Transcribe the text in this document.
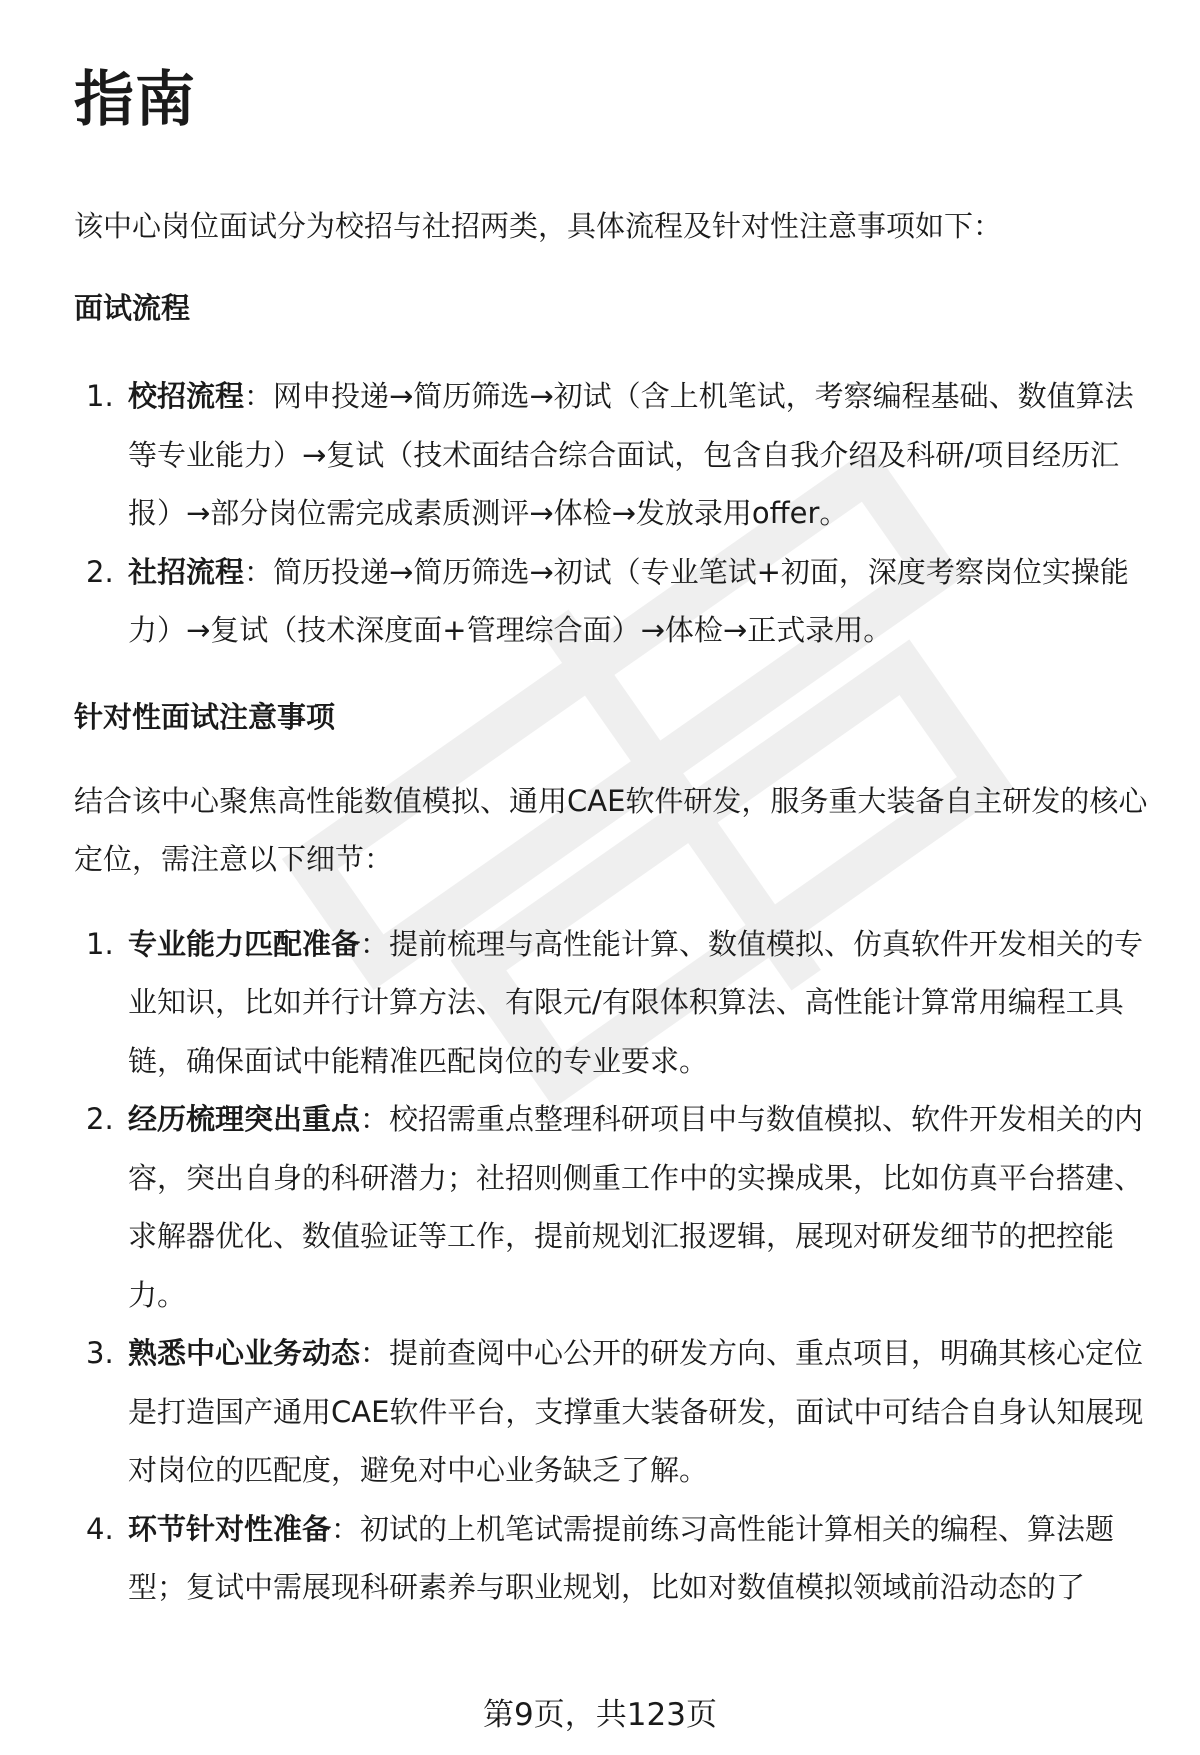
指南

该中心岗位面试分为校招与社招两类，具体流程及针对性注意事项如下：

面试流程
1. 校招流程：网申投递→简历筛选→初试（含上机笔试，考察编程基础、数值算法等专业能力）→复试（技术面结合综合面试，包含自我介绍及科研/项目经历汇报）→部分岗位需完成素质测评→体检→发放录用offer。
2. 社招流程：简历投递→简历筛选→初试（专业笔试+初面，深度考察岗位实操能力）→复试（技术深度面+管理综合面）→体检→正式录用。
针对性面试注意事项

结合该中心聚焦高性能数值模拟、通用CAE软件研发，服务重大装备自主研发的核心定位，需注意以下细节：

1. 专业能力匹配准备：提前梳理与高性能计算、数值模拟、仿真软件开发相关的专业知识，比如并行计算方法、有限元/有限体积算法、高性能计算常用编程工具链，确保面试中能精准匹配岗位的专业要求。
2. 经历梳理突出重点：校招需重点整理科研项目中与数值模拟、软件开发相关的内容，突出自身的科研潜力；社招则侧重工作中的实操成果，比如仿真平台搭建、求解器优化、数值验证等工作，提前规划汇报逻辑，展现对研发细节的把控能力。
3. 熟悉中心业务动态：提前查阅中心公开的研发方向、重点项目，明确其核心定位是打造国产通用CAE软件平台，支撑重大装备研发，面试中可结合自身认知展现对岗位的匹配度，避免对中心业务缺乏了解。
4. 环节针对性准备：初试的上机笔试需提前练习高性能计算相关的编程、算法题型；复试中需展现科研素养与职业规划，比如对数值模拟领域前沿动态的了
第9页，共123页
